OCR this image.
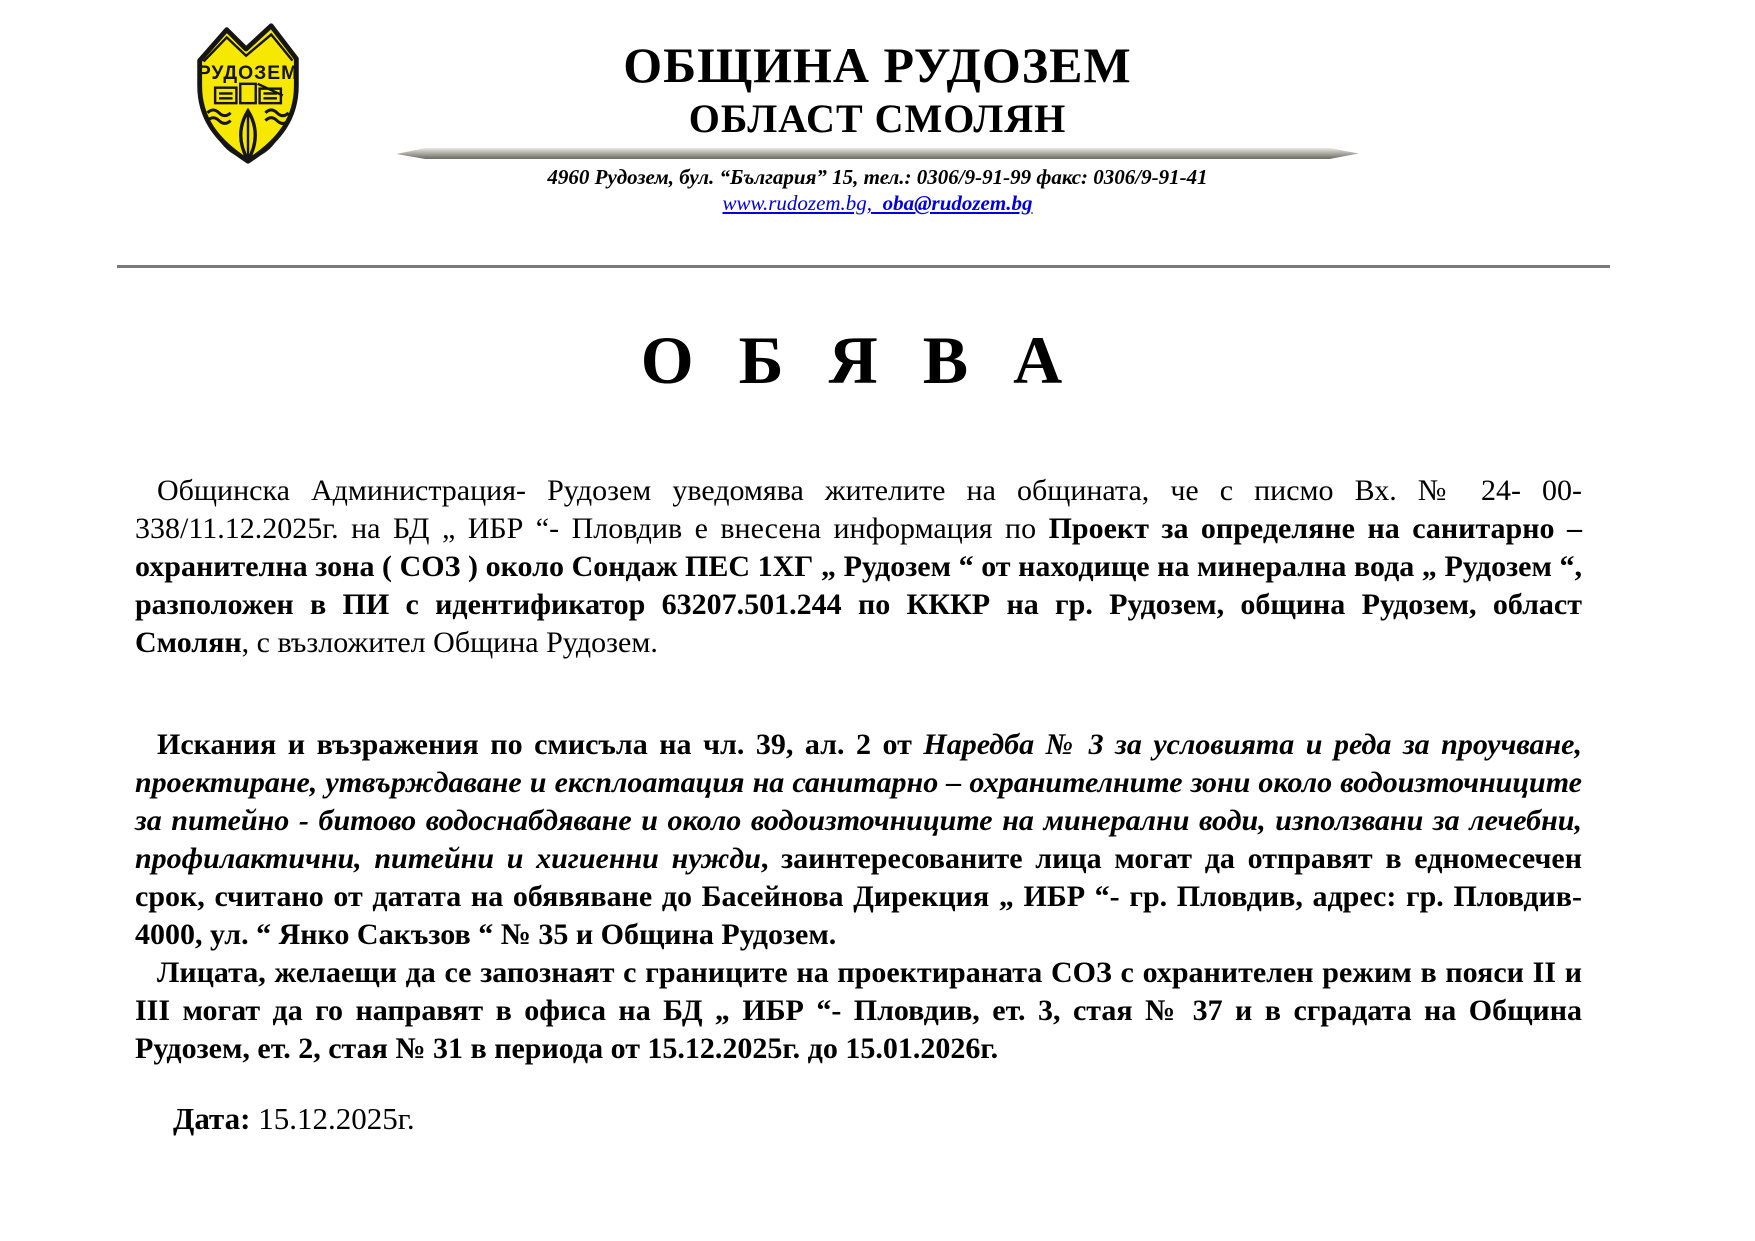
РУДОЗЕМ	ОБЩИНА РУДОЗЕМ
ОБЛАСТ СМОЛЯН
4960 Рудозем, бул. “България” 15, тел.: 0306/9-91-99 факс: 0306/9-91-41
www.rudozem.bg, oba@rudozem.bg
О Б Я В А

Общинска Администрация- Рудозем уведомява жителите на общината, че с писмо Вх. № 24- 00-338/11.12.2025г. на БД „ ИБР “- Пловдив е внесена информация по Проект за определяне на санитарно – охранителна зона ( СОЗ ) около Сондаж ПЕС 1ХГ „ Рудозем “ от находище на минерална вода „ Рудозем “, разположен в ПИ с идентификатор 63207.501.244 по КККР на гр. Рудозем, община Рудозем, област Смолян, с възложител Община Рудозем.

Искания и възражения по смисъла на чл. 39, ал. 2 от Наредба № 3 за условията и реда за проучване, проектиране, утвърждаване и експлоатация на санитарно – охранителните зони около водоизточниците за питейно - битово водоснабдяване и около водоизточниците на минерални води, използвани за лечебни, профилактични, питейни и хигиенни нужди, заинтересованите лица могат да отправят в едномесечен срок, считано от датата на обявяване до Басейнова Дирекция „ ИБР “- гр. Пловдив, адрес: гр. Пловдив- 4000, ул. “ Янко Сакъзов “ № 35 и Община Рудозем.

Лицата, желаещи да се запознаят с границите на проектираната СОЗ с охранителен режим в пояси II и III могат да го направят в офиса на БД „ ИБР “- Пловдив, ет. 3, стая № 37 и в сградата на Община Рудозем, ет. 2, стая № 31 в периода от 15.12.2025г. до 15.01.2026г.

Дата: 15.12.2025г.
